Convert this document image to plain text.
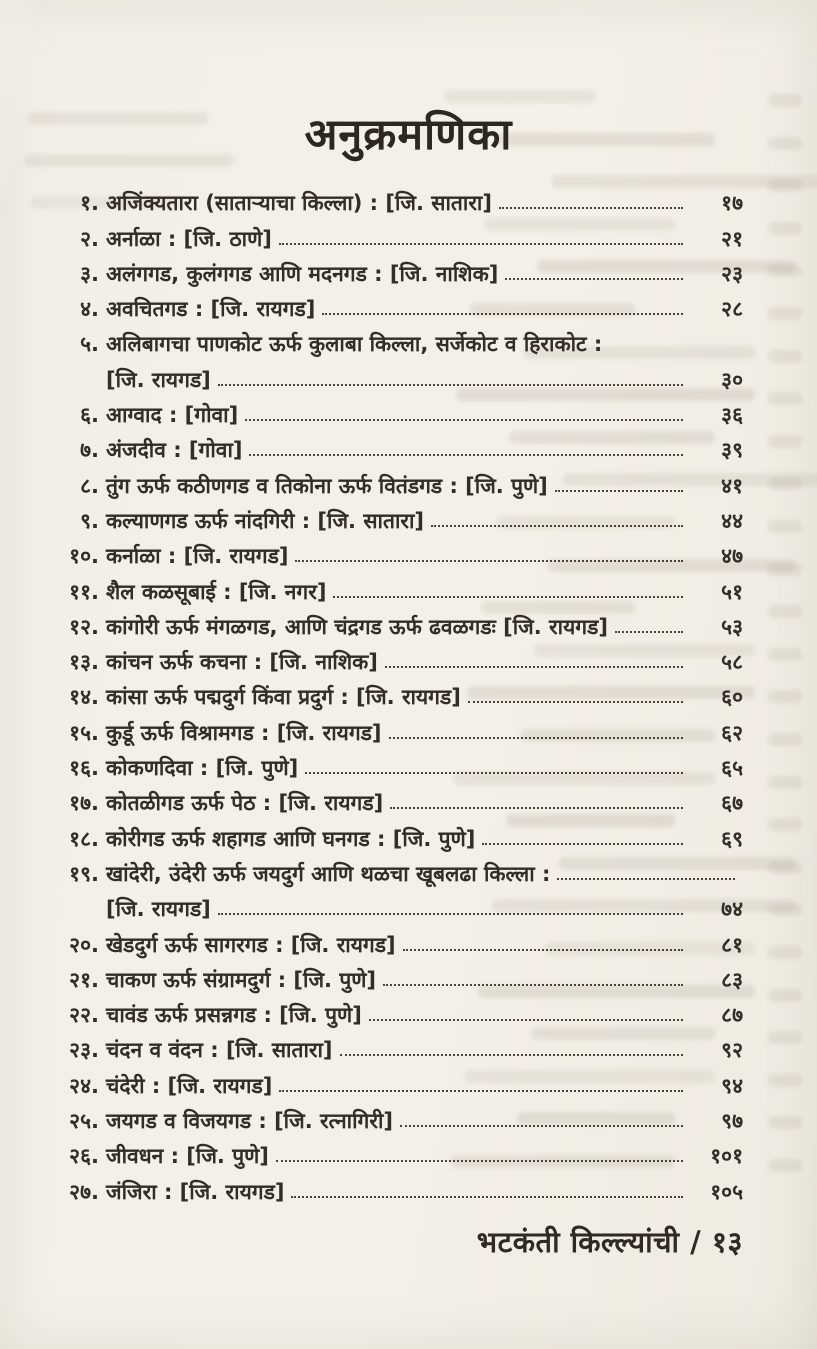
अनुक्रमणिका
१. अजिंक्यतारा (साताऱ्याचा किल्ला) : [जि. सातारा]	१७
२. अर्नाळा : [जि. ठाणे]	२१
३. अलंगगड, कुलंगगड आणि मदनगड : [जि. नाशिक]	२३
४. अवचितगड : [जि. रायगड]	२८
५. अलिबागचा पाणकोट ऊर्फ कुलाबा किल्ला, सर्जेकोट व हिराकोट :
[जि. रायगड]	३०
६. आग्वाद : [गोवा]	३६
७. अंजदीव : [गोवा]	३९
८. तुंग ऊर्फ कठीणगड व तिकोना ऊर्फ वितंडगड : [जि. पुणे]	४१
९. कल्याणगड ऊर्फ नांदगिरी : [जि. सातारा]	४४
१०. कर्नाळा : [जि. रायगड]	४७
११. शैल कळसूबाई : [जि. नगर]	५१
१२. कांगोरी ऊर्फ मंगळगड, आणि चंद्रगड ऊर्फ ढवळगडः [जि. रायगड]	५३
१३. कांचन ऊर्फ कचना : [जि. नाशिक]	५८
१४. कांसा ऊर्फ पद्मदुर्ग किंवा प्रदुर्ग : [जि. रायगड]	६०
१५. कुर्डू ऊर्फ विश्रामगड : [जि. रायगड]	६२
१६. कोकणदिवा : [जि. पुणे]	६५
१७. कोतळीगड ऊर्फ पेठ : [जि. रायगड]	६७
१८. कोरीगड ऊर्फ शहागड आणि घनगड : [जि. पुणे]	६९
१९. खांदेरी, उंदेरी ऊर्फ जयदुर्ग आणि थळचा खूबलढा किल्ला :
[जि. रायगड]	७४
२०. खेडदुर्ग ऊर्फ सागरगड : [जि. रायगड]	८१
२१. चाकण ऊर्फ संग्रामदुर्ग : [जि. पुणे]	८३
२२. चावंड ऊर्फ प्रसन्नगड : [जि. पुणे]	८७
२३. चंदन व वंदन : [जि. सातारा]	९२
२४. चंदेरी : [जि. रायगड]	९४
२५. जयगड व विजयगड : [जि. रत्नागिरी]	९७
२६. जीवधन : [जि. पुणे]	१०१
२७. जंजिरा : [जि. रायगड]	१०५
भटकंती किल्ल्यांची / १३
